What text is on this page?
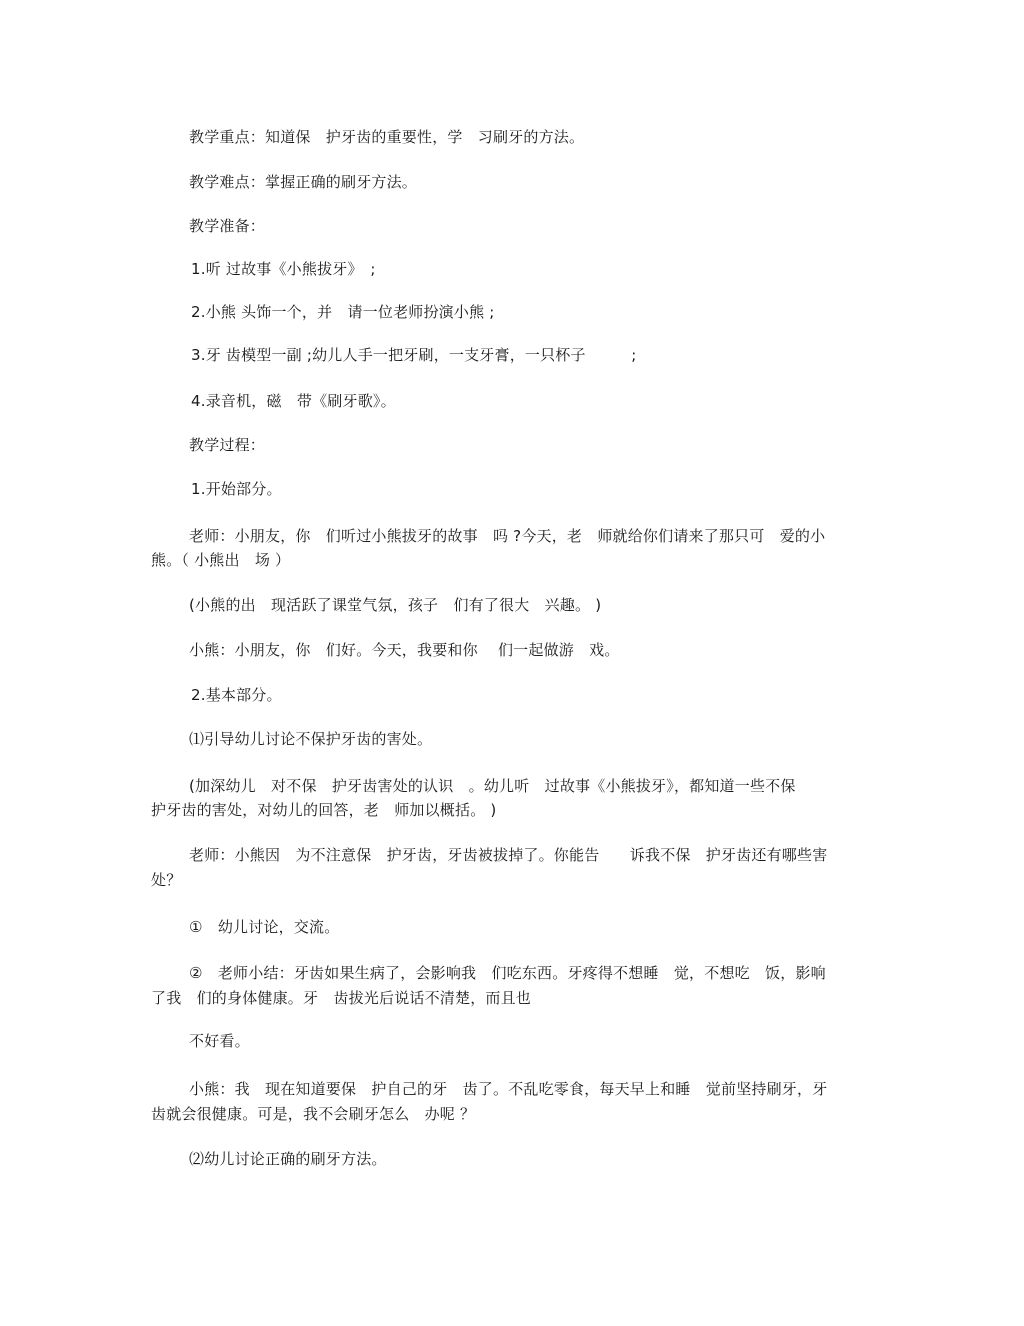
教学重点：知道保　护牙齿的重要性，学　习刷牙的方法。
教学难点：掌握正确的刷牙方法。
教学准备：
1.听 过故事《小熊拔牙》　;
2.小熊 头饰一个，并　请一位老师扮演小熊 ;
3.牙 齿模型一副 ;幼儿人手一把牙刷，一支牙膏，一只杯子　　　;
4.录音机，磁　带《刷牙歌》。
教学过程：
1.开始部分。
老师：小朋友，你　们听过小熊拔牙的故事　吗 ?今天，老　师就给你们请来了那只可　爱的小
熊。（ 小熊出　场 ）
(小熊的出　现活跃了课堂气氛，孩子　们有了很大　兴趣。 )
小熊：小朋友，你　们好。今天，我要和你　 们一起做游　戏。
2.基本部分。
⑴引导幼儿讨论不保护牙齿的害处。
(加深幼儿　对不保　护牙齿害处的认识　。幼儿听　过故事《小熊拔牙》，都知道一些不保
护牙齿的害处，对幼儿的回答，老　师加以概括。 )
老师：小熊因　为不注意保　护牙齿，牙齿被拔掉了。你能告　　诉我不保　护牙齿还有哪些害
处？
①　幼儿讨论，交流。
②　老师小结：牙齿如果生病了，会影响我　们吃东西。牙疼得不想睡　觉，不想吃　饭，影响
了我　们的身体健康。牙　齿拔光后说话不清楚，而且也
不好看。
小熊：我　现在知道要保　护自己的牙　齿了。不乱吃零食，每天早上和睡　觉前坚持刷牙，牙
齿就会很健康。可是，我不会刷牙怎么　办呢 ？
⑵幼儿讨论正确的刷牙方法。
